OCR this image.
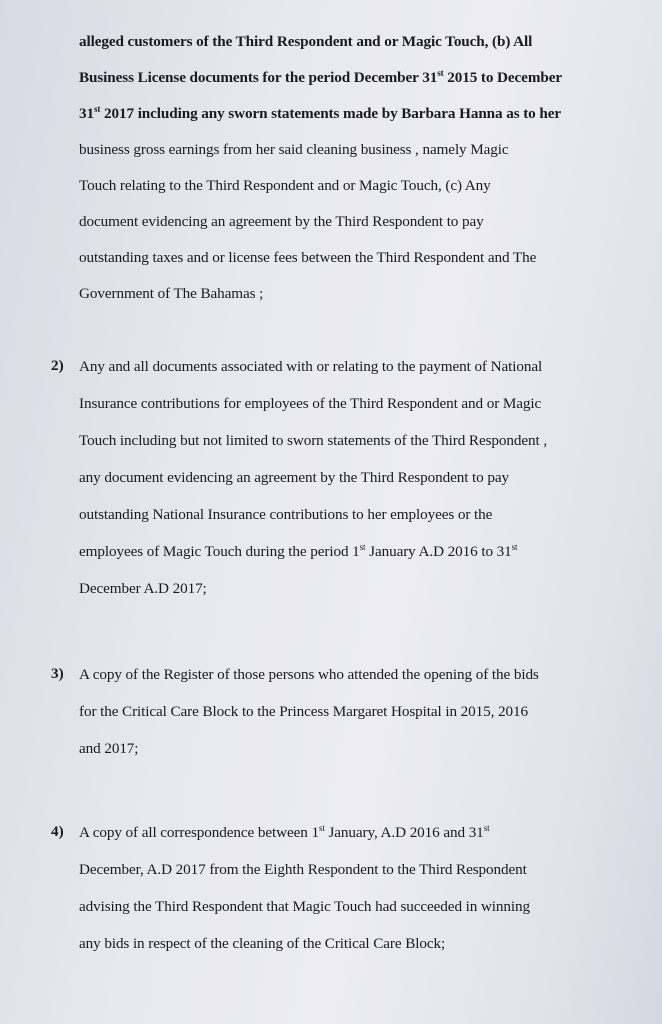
alleged customers of the Third Respondent and or Magic Touch, (b) All
Business License documents for the period December 31st 2015 to December
31st 2017 including any sworn statements made by Barbara Hanna as to her
business gross earnings from her said cleaning business , namely Magic
Touch relating to the Third Respondent and or Magic Touch, (c) Any
document evidencing an agreement by the Third Respondent to pay
outstanding taxes and or license fees between the Third Respondent and The
Government of The Bahamas ;
2) Any and all documents associated with or relating to the payment of National
Insurance contributions for employees of the Third Respondent and or Magic
Touch including but not limited to sworn statements of the Third Respondent ,
any document evidencing an agreement by the Third Respondent to pay
outstanding National Insurance contributions to her employees or the
employees of Magic Touch during the period 1st January A.D 2016 to 31st
December A.D 2017;
3) A copy of the Register of those persons who attended the opening of the bids
for the Critical Care Block to the Princess Margaret Hospital in 2015, 2016
and 2017;
4) A copy of all correspondence between 1st January, A.D 2016 and 31st
December, A.D 2017 from the Eighth Respondent to the Third Respondent
advising the Third Respondent that Magic Touch had succeeded in winning
any bids in respect of the cleaning of the Critical Care Block;
